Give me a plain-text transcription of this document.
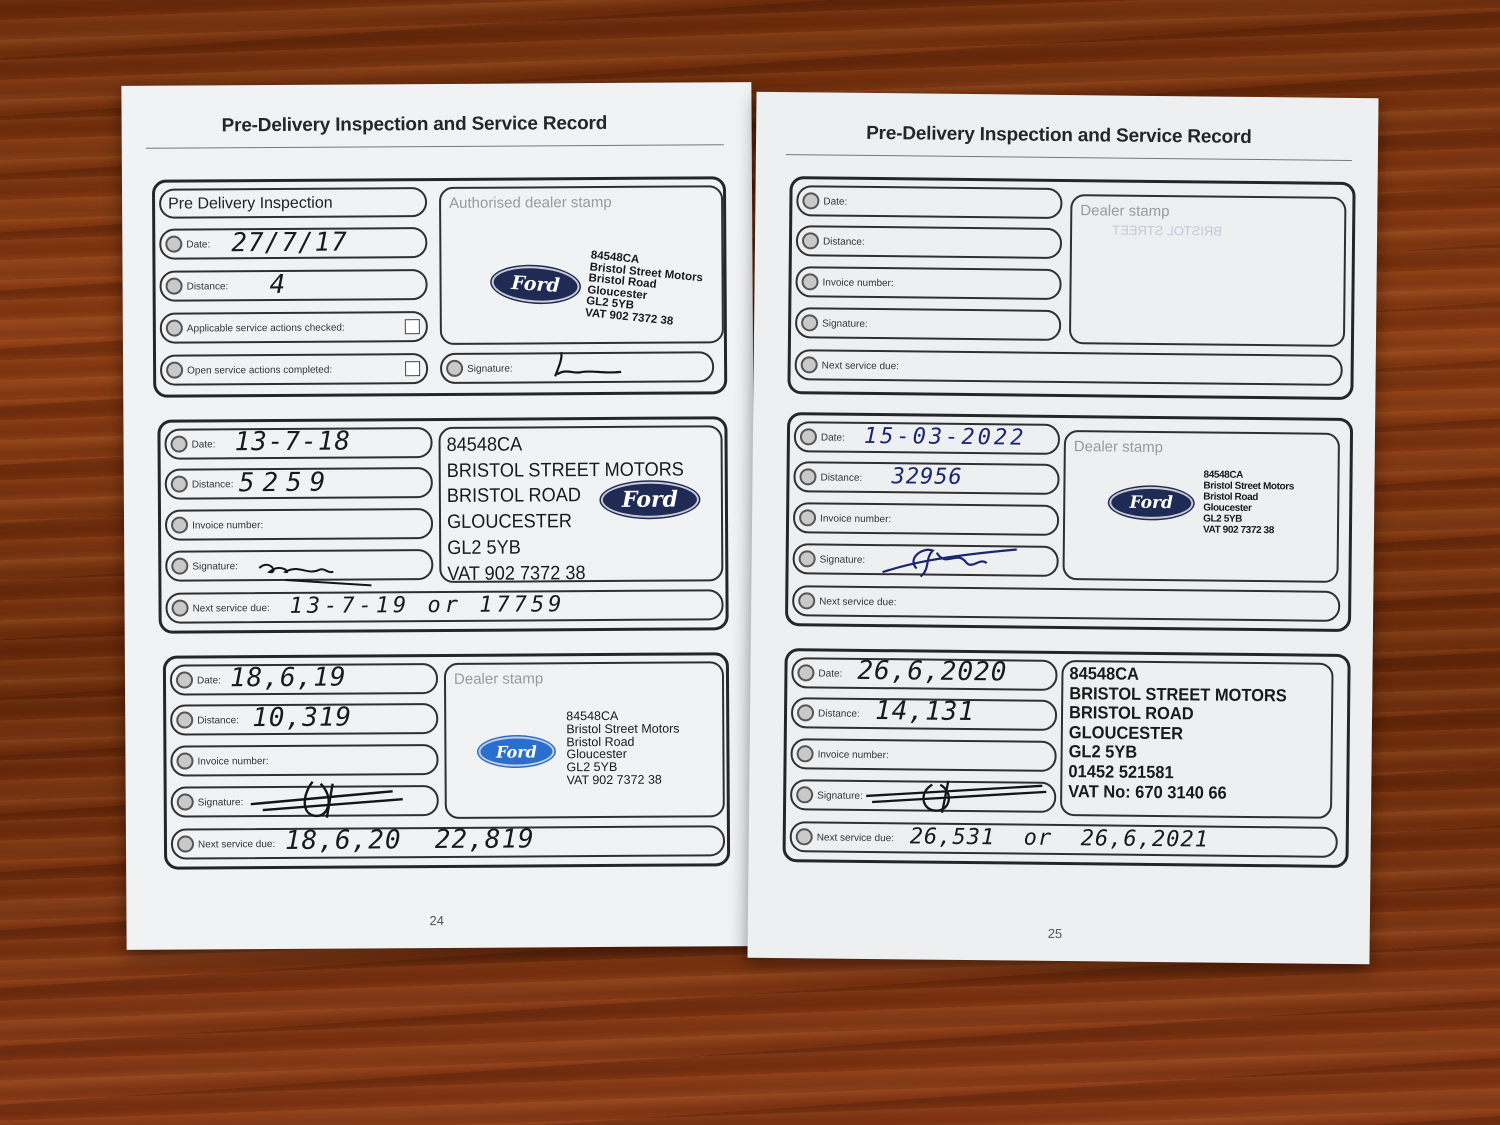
Pre-Delivery Inspection and Service Record
Pre Delivery Inspection
Date: 27/7/17
Distance: 4
Applicable service actions checked:
Open service actions completed:
Authorised dealer stamp
Ford
84548CA
Bristol Street Motors
Bristol Road
Gloucester
GL2 5YB
VAT 902 7372 38
Signature:
Date: 13-7-18
Distance: 5259
Invoice number:
Signature:
Next service due: 13-7-19 or 17759
84548CA
BRISTOL STREET MOTORS
BRISTOL ROAD
GLOUCESTER
GL2 5YB
VAT 902 7372 38
Ford
Date: 18,6,19
Distance: 10,319
Invoice number:
Signature:
Next service due: 18,6,20  22,819
Dealer stamp
Ford
84548CA
Bristol Street Motors
Bristol Road
Gloucester
GL2 5YB
VAT 902 7372 38
24
Pre-Delivery Inspection and Service Record
BRISTOL STREET
Date:
Distance:
Invoice number:
Signature:
Next service due:
Dealer stamp
Date: 15-03-2022
Distance: 32956
Invoice number:
Signature:
Next service due:
Dealer stamp
Ford
84548CA
Bristol Street Motors
Bristol Road
Gloucester
GL2 5YB
VAT 902 7372 38
Date: 26,6,2020
Distance: 14,131
Invoice number:
Signature:
Next service due: 26,531  or  26,6,2021
84548CA
BRISTOL STREET MOTORS
BRISTOL ROAD
GLOUCESTER
GL2 5YB
01452 521581
VAT No: 670 3140 66
25
